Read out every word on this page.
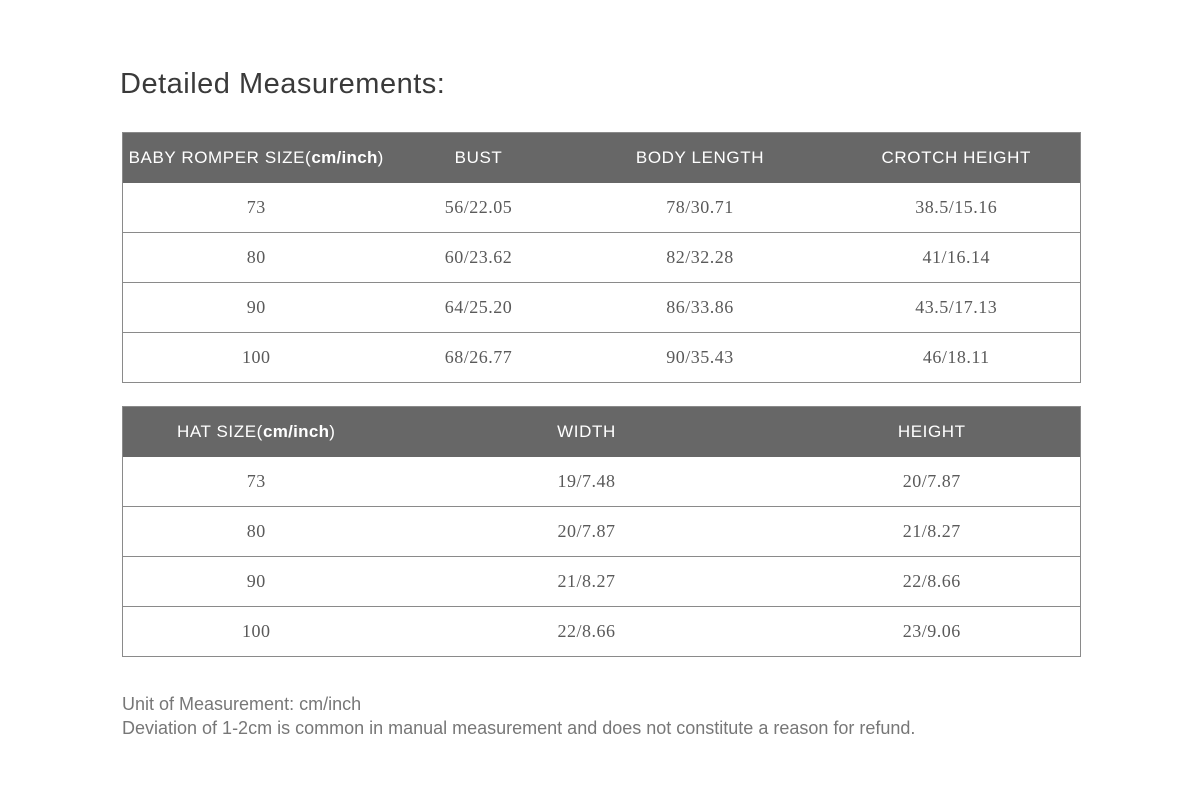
Detailed Measurements:
BABY ROMPER SIZE(cm/inch)	BUST	BODY LENGTH	CROTCH HEIGHT
73	56/22.05	78/30.71	38.5/15.16
80	60/23.62	82/32.28	41/16.14
90	64/25.20	86/33.86	43.5/17.13
100	68/26.77	90/35.43	46/18.11
HAT SIZE(cm/inch)	WIDTH	HEIGHT
73	19/7.48	20/7.87
80	20/7.87	21/8.27
90	21/8.27	22/8.66
100	22/8.66	23/9.06
Unit of Measurement: cm/inch
Deviation of 1-2cm is common in manual measurement and does not constitute a reason for refund.
